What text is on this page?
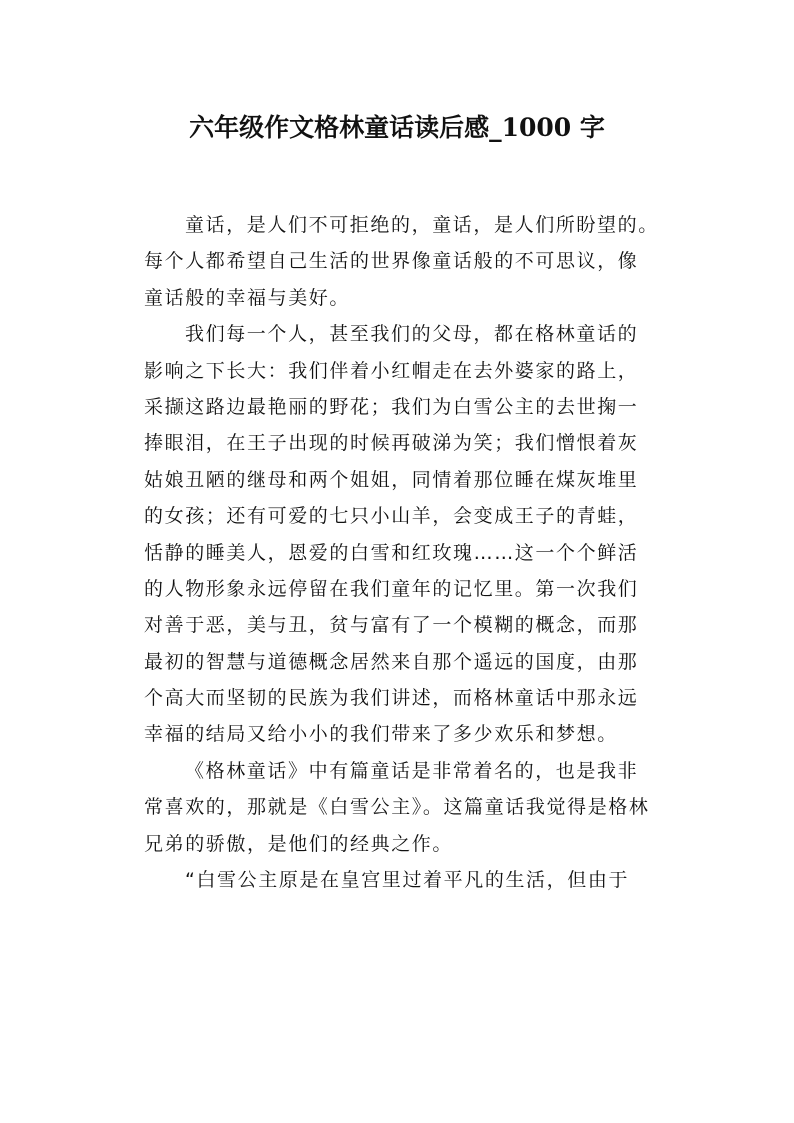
六年级作文格林童话读后感_1000 字
童话，是人们不可拒绝的，童话，是人们所盼望的。
每个人都希望自己生活的世界像童话般的不可思议，像
童话般的幸福与美好。
我们每一个人，甚至我们的父母，都在格林童话的
影响之下长大：我们伴着小红帽走在去外婆家的路上，
采撷这路边最艳丽的野花；我们为白雪公主的去世掬一
捧眼泪，在王子出现的时候再破涕为笑；我们憎恨着灰
姑娘丑陋的继母和两个姐姐，同情着那位睡在煤灰堆里
的女孩；还有可爱的七只小山羊，会变成王子的青蛙，
恬静的睡美人，恩爱的白雪和红玫瑰……这一个个鲜活
的人物形象永远停留在我们童年的记忆里。第一次我们
对善于恶，美与丑，贫与富有了一个模糊的概念，而那
最初的智慧与道德概念居然来自那个遥远的国度，由那
个高大而坚韧的民族为我们讲述，而格林童话中那永远
幸福的结局又给小小的我们带来了多少欢乐和梦想。
《格林童话》中有篇童话是非常着名的，也是我非
常喜欢的，那就是《白雪公主》。这篇童话我觉得是格林
兄弟的骄傲，是他们的经典之作。
“白雪公主原是在皇宫里过着平凡的生活，但由于
